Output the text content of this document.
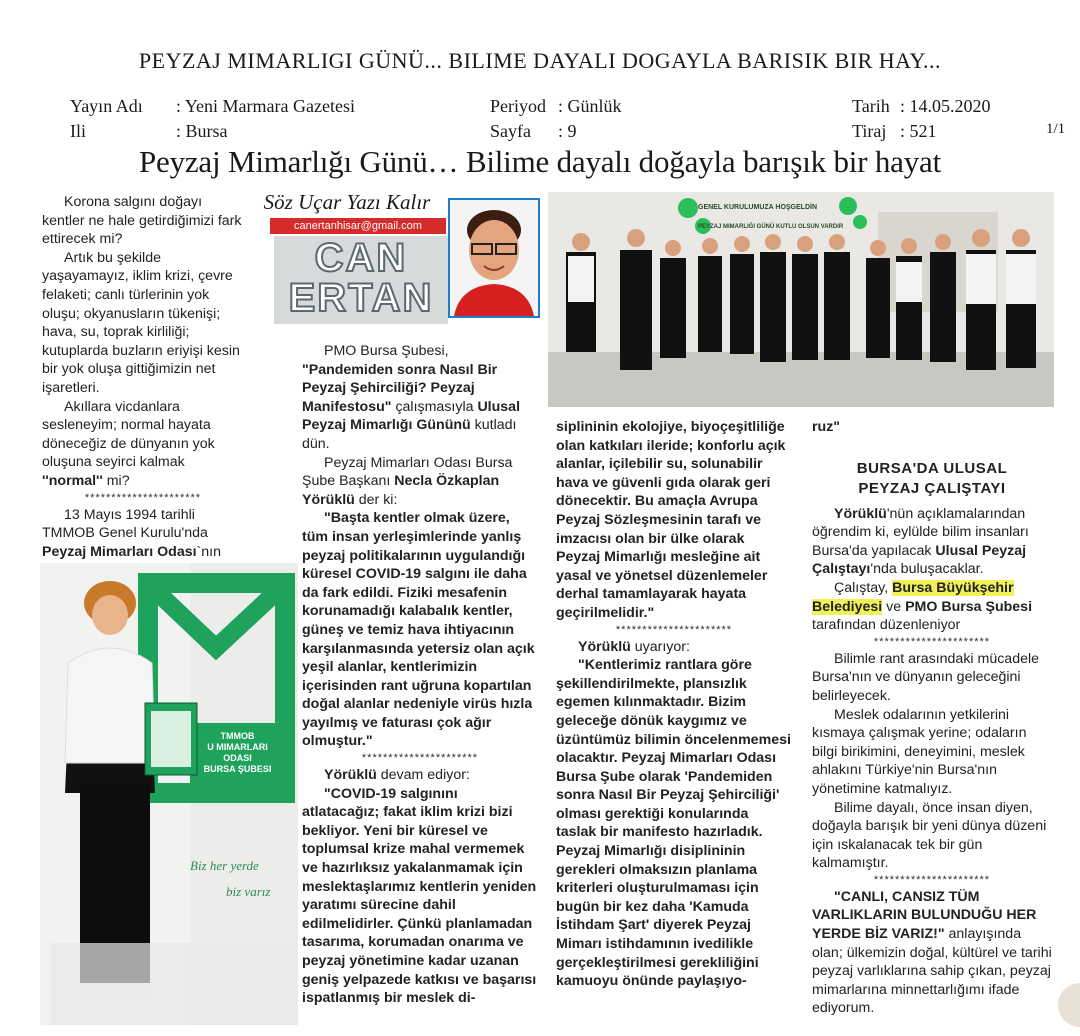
PEYZAJ MIMARLIGI GÜNÜ... BILIME DAYALI DOGAYLA BARISIK BIR HAY...
Yayın Adı : Yeni Marmara Gazetesi
Ili	: Bursa
Periyod : Günlük
Sayfa : 9
Tarih : 14.05.2020
Tiraj : 521	1/1
Peyzaj Mimarlığı Günü… Bilime dayalı doğayla barışık bir hayat

Korona salgını doğayı kentler ne hale getirdiğimizi fark ettirecek mi?

Artık bu şekilde yaşayamayız, iklim krizi, çevre felaketi; canlı türlerinin yok oluşu; okyanusların tükenişi; hava, su, toprak kirliliği; kutuplarda buzların eriyişi kesin bir yok oluşa gittiğimizin net işaretleri.

Akıllara vicdanlara sesleneyim; normal hayata döneceğiz de dünyanın yok oluşuna seyirci kalmak ''normal'' mi?

**********************

13 Mayıs 1994 tarihli TMMOB Genel Kurulu'nda Peyzaj Mimarları Odası`nın

TMMOB
U MIMARLARI
ODASI
BURSA ŞUBESI
Biz her yerde
biz varız
Söz Uçar Yazı Kalır
canertanhisar@gmail.com
CAN
ERTAN
GENEL KURULUMUZA HOŞGELDİN
PEYZAJ MIMARLIĞI GÜNÜ KUTLU OLSUN VARDIR

PMO Bursa Şubesi, "Pandemiden sonra Nasıl Bir Peyzaj Şehirciliği? Peyzaj Manifestosu" çalışmasıyla Ulusal Peyzaj Mimarlığı Gününü kutladı dün.

Peyzaj Mimarları Odası Bursa Şube Başkanı Necla Özkaplan Yörüklü der ki:

"Başta kentler olmak üzere, tüm insan yerleşimlerinde yanlış peyzaj politikalarının uygulandığı küresel COVID-19 salgını ile daha da fark edildi. Fiziki mesafenin korunamadığı kalabalık kentler, güneş ve temiz hava ihtiyacının karşılanmasında yetersiz olan açık yeşil alanlar, kentlerimizin içerisinden rant uğruna kopartılan doğal alanlar nedeniyle virüs hızla yayılmış ve faturası çok ağır olmuştur."

**********************

Yörüklü devam ediyor:

"COVID-19 salgınını atlatacağız; fakat iklim krizi bizi bekliyor. Yeni bir küresel ve toplumsal krize mahal vermemek ve hazırlıksız yakalanmamak için meslektaşlarımız kentlerin yeniden yaratımı sürecine dahil edilmelidirler. Çünkü planlamadan tasarıma, korumadan onarıma ve peyzaj yönetimine kadar uzanan geniş yelpazede katkısı ve başarısı ispatlanmış bir meslek di-

siplininin ekolojiye, biyoçeşitliliğe olan katkıları ileride; konforlu açık alanlar, içilebilir su, solunabilir hava ve güvenli gıda olarak geri dönecektir. Bu amaçla Avrupa Peyzaj Sözleşmesinin tarafı ve imzacısı olan bir ülke olarak Peyzaj Mimarlığı mesleğine ait yasal ve yönetsel düzenlemeler derhal tamamlayarak hayata geçirilmelidir."

**********************

Yörüklü uyarıyor:

"Kentlerimiz rantlara göre şekillendirilmekte, plansızlık egemen kılınmaktadır. Bizim geleceğe dönük kaygımız ve üzüntümüz bilimin öncelenmemesi olacaktır. Peyzaj Mimarları Odası Bursa Şube olarak 'Pandemiden sonra Nasıl Bir Peyzaj Şehirciliği' olması gerektiği konularında taslak bir manifesto hazırladık. Peyzaj Mimarlığı disiplininin gerekleri olmaksızın planlama kriterleri oluşturulmaması için bugün bir kez daha 'Kamuda İstihdam Şart' diyerek Peyzaj Mimarı istihdamının ivedilikle gerçekleştirilmesi gerekliliğini kamuoyu önünde paylaşıyo-

ruz"

BURSA'DA ULUSAL
PEYZAJ ÇALIŞTAYI

Yörüklü'nün açıklamalarından öğrendim ki, eylülde bilim insanları Bursa'da yapılacak Ulusal Peyzaj Çalıştayı'nda buluşacaklar.

Çalıştay, Bursa Büyükşehir Belediyesi ve PMO Bursa Şubesi tarafından düzenleniyor

**********************

Bilimle rant arasındaki mücadele Bursa'nın ve dünyanın geleceğini belirleyecek.

Meslek odalarının yetkilerini kısmaya çalışmak yerine; odaların bilgi birikimini, deneyimini, meslek ahlakını Türkiye'nin Bursa'nın yönetimine katmalıyız.

Bilime dayalı, önce insan diyen, doğayla barışık bir yeni dünya düzeni için ıskalanacak tek bir gün kalmamıştır.

**********************

"CANLI, CANSIZ TÜM VARLIKLARIN BULUNDUĞU HER YERDE BİZ VARIZ!" anlayışında olan; ülkemizin doğal, kültürel ve tarihi peyzaj varlıklarına sahip çıkan, peyzaj mimarlarına minnettarlığımı ifade ediyorum.
